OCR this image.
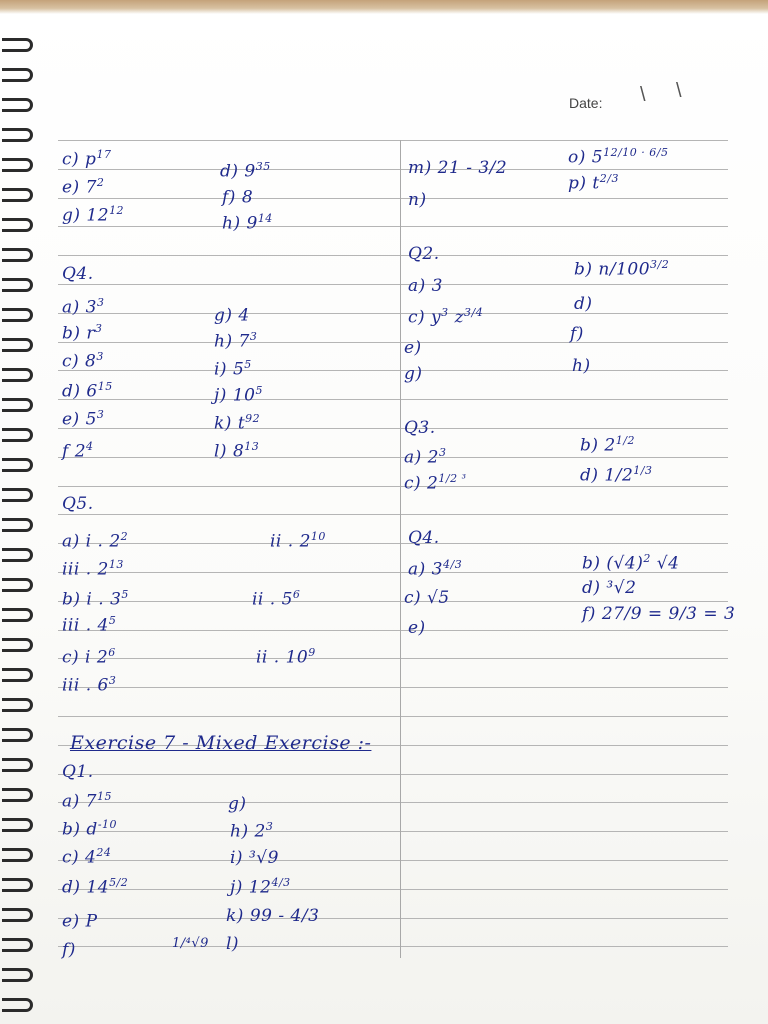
Date: \ \
c) $p^{17}$
e) $7^2$
g) $12^{12}$
d) $9^{35}$
f) 8
h) $9^{14}$
Q4.
a) $3^3$
b) $r^3$
c) $8^3$
d) $6^{15}$
e) $5^3$
f $2^4$
g) 4
h) $7^3$
i) $5^5$
j) $10^5$
k) $t^{92}$
l) $8^{13}$
Q5.
a) i . $2^2$	ii . $2^{10}$
iii . $2^{13}$
b) i . $3^5$	ii . $5^6$
iii . $4^5$
c) i $2^6$	ii . $10^9$
iii . $6^3$
Exercise 7 - Mixed Exercise :-
Q1.
a) $7^{15}$
b) $d^{-10}$
c) $4^{24}$
d) $14^{5/2}$
e) P
f)	1/⁴√9
g)
h) $2^3$
i) ³√9
j) $12^{4/3}$
k) 99 - 4/3
l)
m) 21 - 3/2
n)
o) $5^{12/10 \cdot 6/5}$
p) $t^{2/3}$
Q2.
a) 3
c) $y^3$ $z^{3/4}$
e)
g)
b) $n/100^{3/2}$
d)
f)
h)
Q3.
a) $2^3$
c) $2^{1/2 ^3}$
b) $2^{1/2}$
d) $1/2^{1/3}$
Q4.
a) $3^{4/3}$
c) √5
e)
b) $(√4)^2$ √4
d) ³√2
f) 27/9 = 9/3 = 3
